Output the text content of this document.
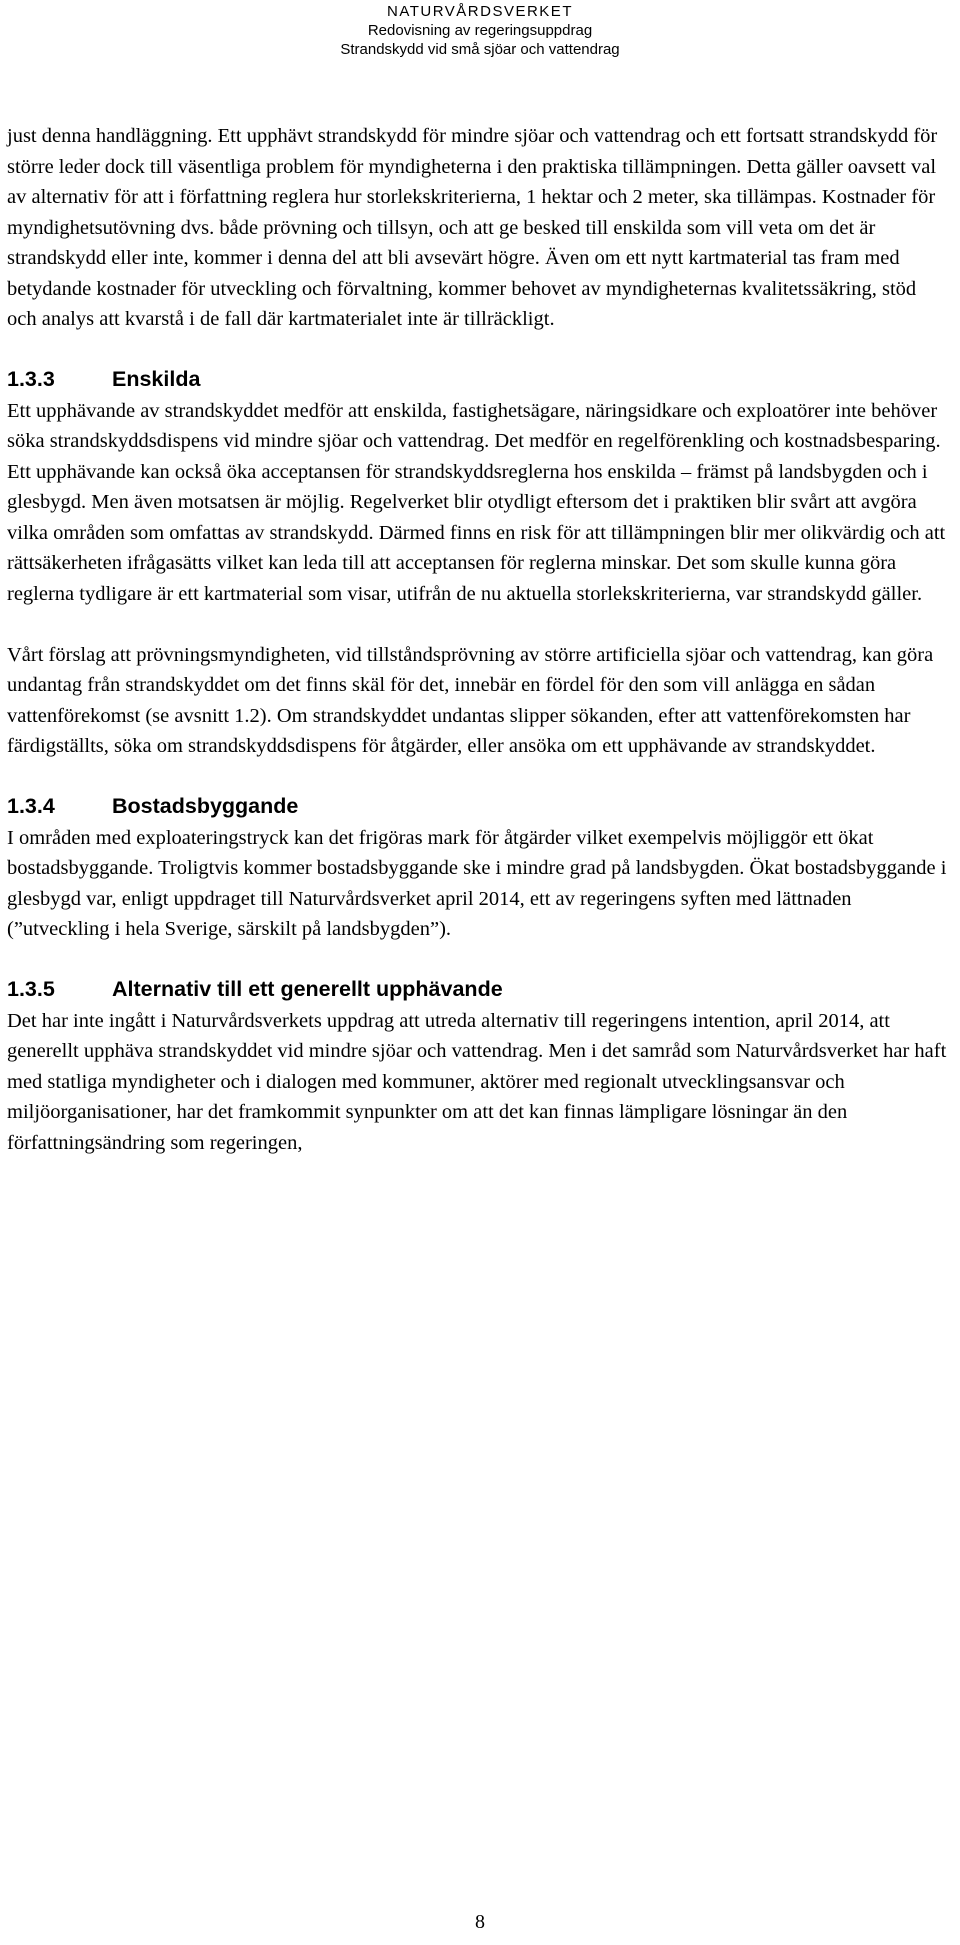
NATURVÅRDSVERKET
Redovisning av regeringsuppdrag
Strandskydd vid små sjöar och vattendrag

just denna handläggning. Ett upphävt strandskydd för mindre sjöar och vattendrag och ett fortsatt strandskydd för större leder dock till väsentliga problem för myndigheterna i den praktiska tillämpningen. Detta gäller oavsett val av alternativ för att i författning reglera hur storlekskriterierna, 1 hektar och 2 meter, ska tillämpas. Kostnader för myndighetsutövning dvs. både prövning och tillsyn, och att ge besked till enskilda som vill veta om det är strandskydd eller inte, kommer i denna del att bli avsevärt högre. Även om ett nytt kartmaterial tas fram med betydande kostnader för utveckling och förvaltning, kommer behovet av myndigheternas kvalitetssäkring, stöd och analys att kvarstå i de fall där kartmaterialet inte är tillräckligt.

1.3.3	Enskilda

Ett upphävande av strandskyddet medför att enskilda, fastighetsägare, näringsidkare och exploatörer inte behöver söka strandskyddsdispens vid mindre sjöar och vattendrag. Det medför en regelförenkling och kostnadsbesparing. Ett upphävande kan också öka acceptansen för strandskyddsreglerna hos enskilda – främst på landsbygden och i glesbygd. Men även motsatsen är möjlig. Regelverket blir otydligt eftersom det i praktiken blir svårt att avgöra vilka områden som omfattas av strandskydd. Därmed finns en risk för att tillämpningen blir mer olikvärdig och att rättsäkerheten ifrågasätts vilket kan leda till att acceptansen för reglerna minskar. Det som skulle kunna göra reglerna tydligare är ett kartmaterial som visar, utifrån de nu aktuella storlekskriterierna, var strandskydd gäller.

Vårt förslag att prövningsmyndigheten, vid tillståndsprövning av större artificiella sjöar och vattendrag, kan göra undantag från strandskyddet om det finns skäl för det, innebär en fördel för den som vill anlägga en sådan vattenförekomst (se avsnitt 1.2). Om strandskyddet undantas slipper sökanden, efter att vattenförekomsten har färdigställts, söka om strandskyddsdispens för åtgärder, eller ansöka om ett upphävande av strandskyddet.

1.3.4	Bostadsbyggande

I områden med exploateringstryck kan det frigöras mark för åtgärder vilket exempelvis möjliggör ett ökat bostadsbyggande. Troligtvis kommer bostadsbyggande ske i mindre grad på landsbygden. Ökat bostadsbyggande i glesbygd var, enligt uppdraget till Naturvårdsverket april 2014, ett av regeringens syften med lättnaden (”utveckling i hela Sverige, särskilt på landsbygden”).

1.3.5	Alternativ till ett generellt upphävande

Det har inte ingått i Naturvårdsverkets uppdrag att utreda alternativ till regeringens intention, april 2014, att generellt upphäva strandskyddet vid mindre sjöar och vattendrag. Men i det samråd som Naturvårdsverket har haft med statliga myndigheter och i dialogen med kommuner, aktörer med regionalt utvecklingsansvar och miljöorganisationer, har det framkommit synpunkter om att det kan finnas lämpligare lösningar än den författningsändring som regeringen,

8
